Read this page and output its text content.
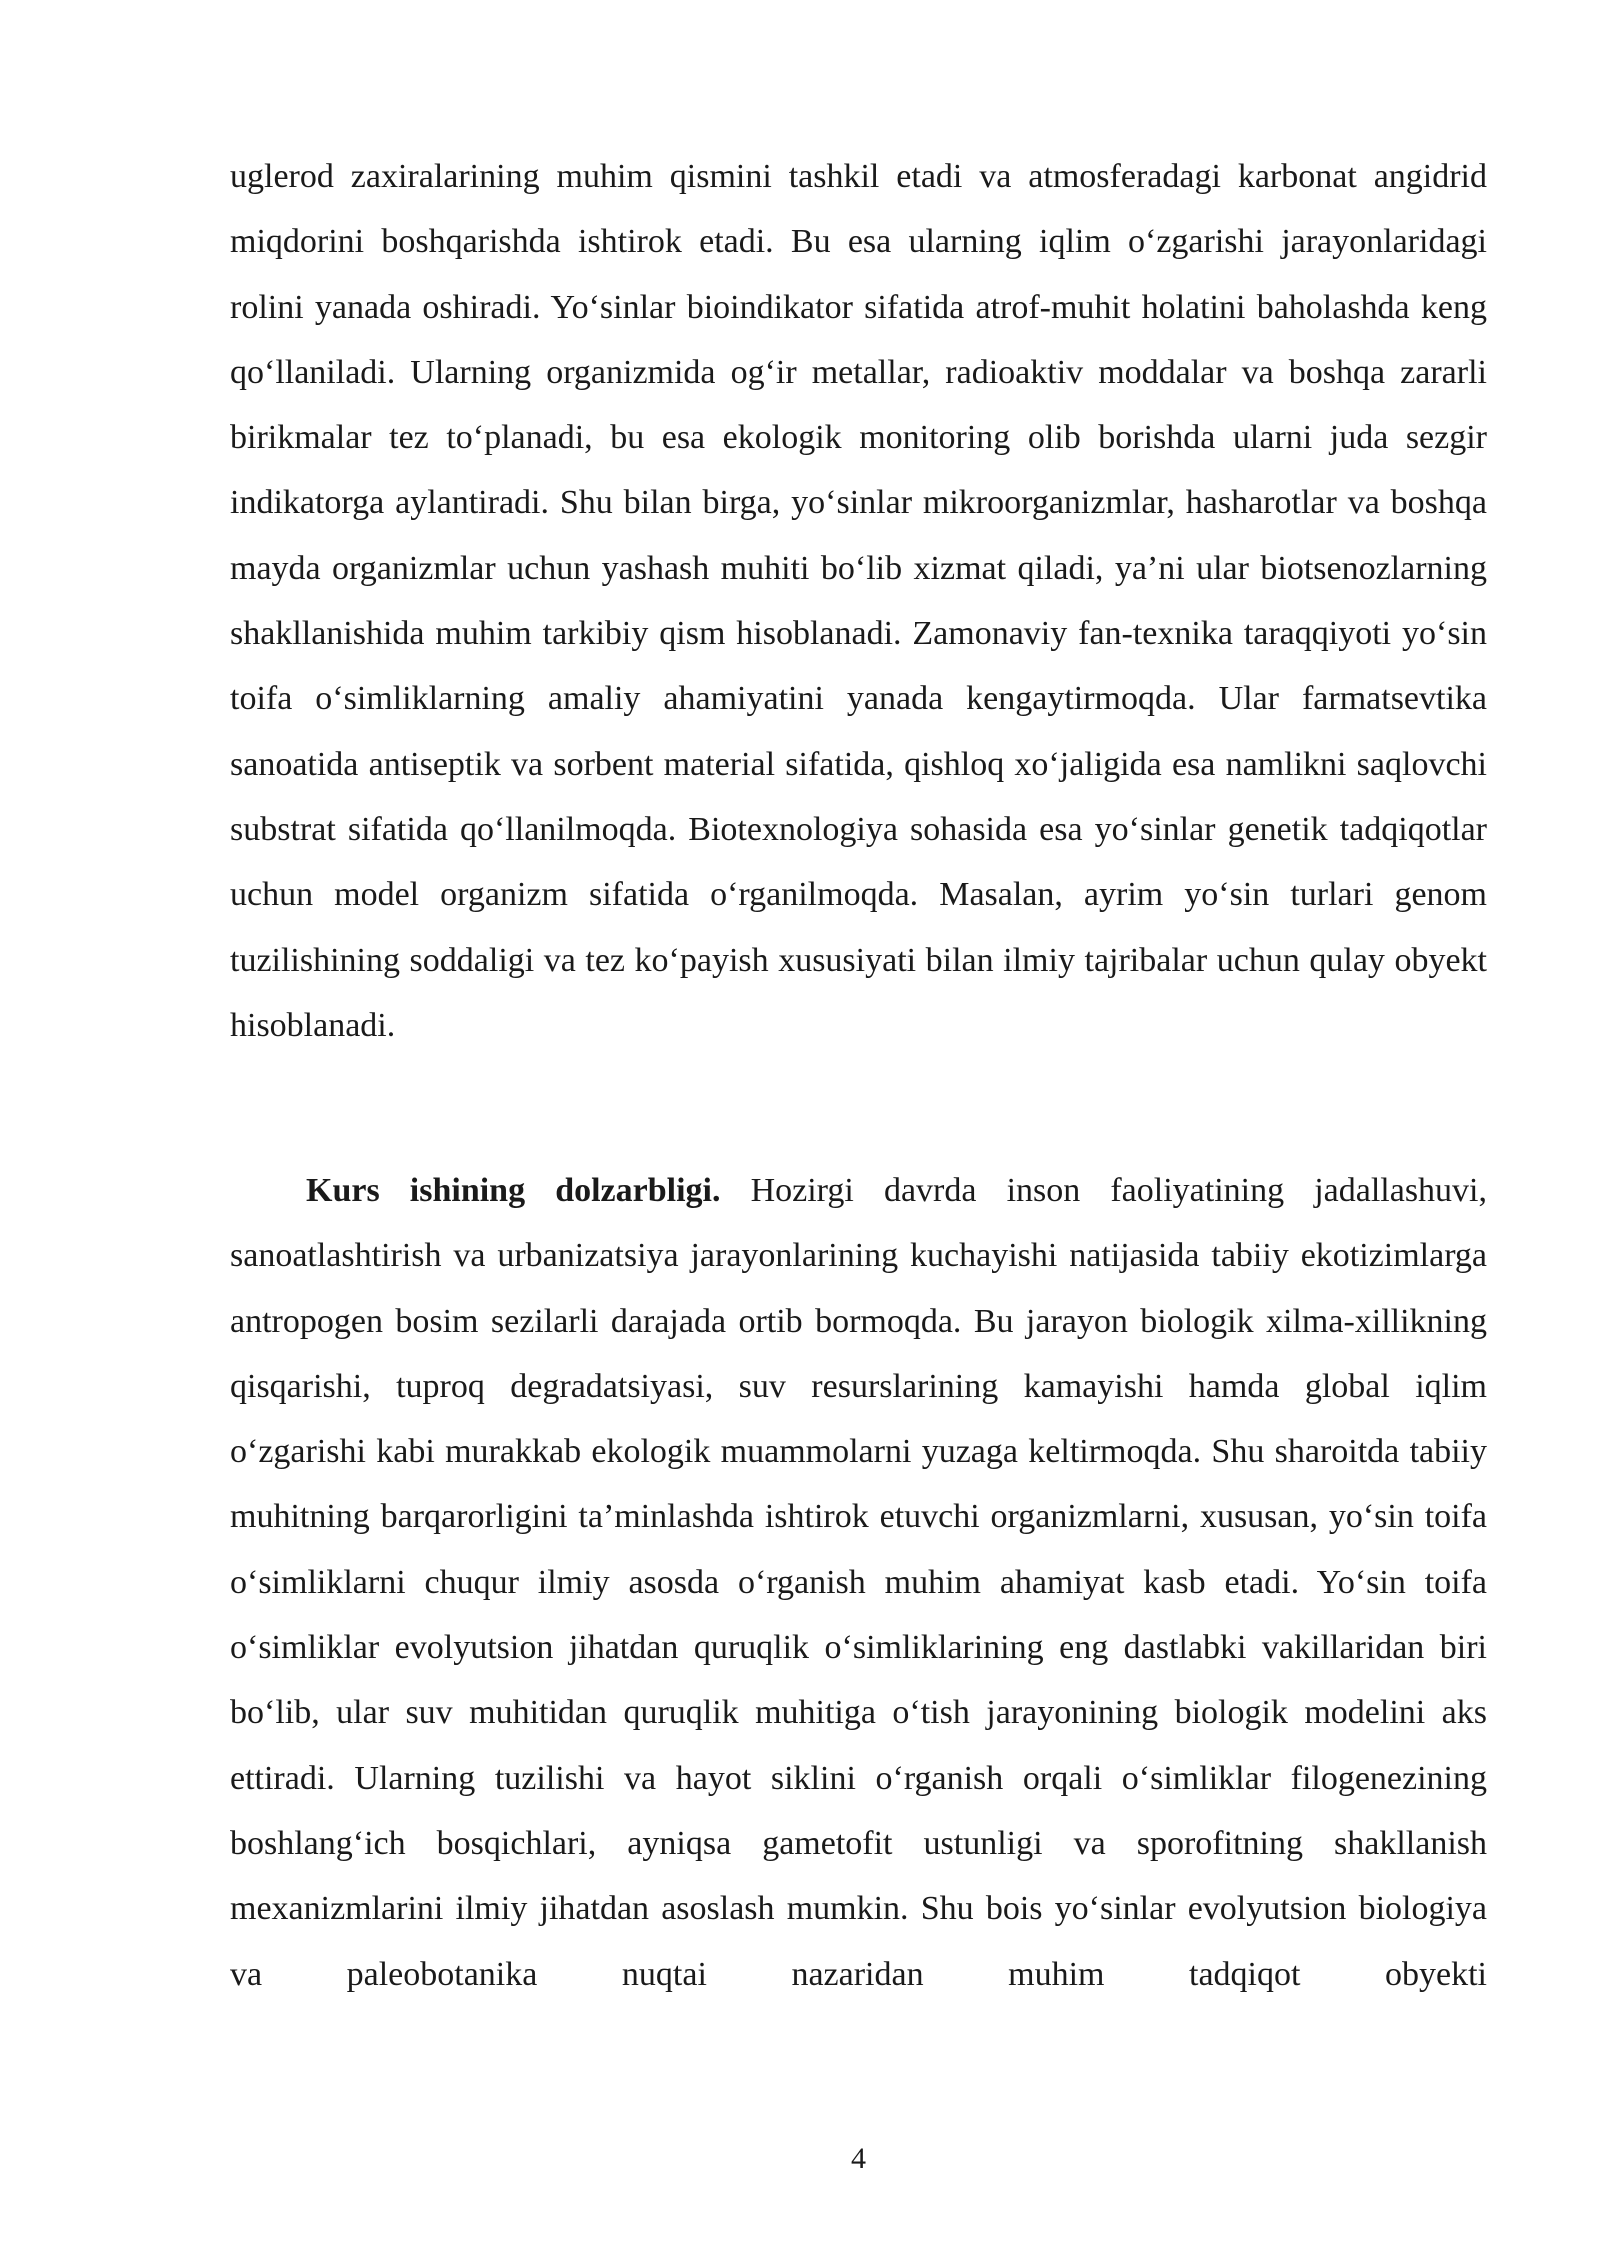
uglerod zaxiralarining muhim qismini tashkil etadi va atmosferadagi karbonat angidrid miqdorini boshqarishda ishtirok etadi. Bu esa ularning iqlim o‘zgarishi jarayonlaridagi rolini yanada oshiradi. Yo‘sinlar bioindikator sifatida atrof-muhit holatini baholashda keng qo‘llaniladi. Ularning organizmida og‘ir metallar, radioaktiv moddalar va boshqa zararli birikmalar tez to‘planadi, bu esa ekologik monitoring olib borishda ularni juda sezgir indikatorga aylantiradi. Shu bilan birga, yo‘sinlar mikroorganizmlar, hasharotlar va boshqa mayda organizmlar uchun yashash muhiti bo‘lib xizmat qiladi, ya’ni ular biotsenozlarning shakllanishida muhim tarkibiy qism hisoblanadi. Zamonaviy fan-texnika taraqqiyoti yo‘sin toifa o‘simliklarning amaliy ahamiyatini yanada kengaytirmoqda. Ular farmatsevtika sanoatida antiseptik va sorbent material sifatida, qishloq xo‘jaligida esa namlikni saqlovchi substrat sifatida qo‘llanilmoqda. Biotexnologiya sohasida esa yo‘sinlar genetik tadqiqotlar uchun model organizm sifatida o‘rganilmoqda. Masalan, ayrim yo‘sin turlari genom tuzilishining soddaligi va tez ko‘payish xususiyati bilan ilmiy tajribalar uchun qulay obyekt hisoblanadi.

Kurs ishining dolzarbligi. Hozirgi davrda inson faoliyatining jadallashuvi, sanoatlashtirish va urbanizatsiya jarayonlarining kuchayishi natijasida tabiiy ekotizimlarga antropogen bosim sezilarli darajada ortib bormoqda. Bu jarayon biologik xilma-xillikning qisqarishi, tuproq degradatsiyasi, suv resurslarining kamayishi hamda global iqlim o‘zgarishi kabi murakkab ekologik muammolarni yuzaga keltirmoqda. Shu sharoitda tabiiy muhitning barqarorligini ta’minlashda ishtirok etuvchi organizmlarni, xususan, yo‘sin toifa o‘simliklarni chuqur ilmiy asosda o‘rganish muhim ahamiyat kasb etadi. Yo‘sin toifa o‘simliklar evolyutsion jihatdan quruqlik o‘simliklarining eng dastlabki vakillaridan biri bo‘lib, ular suv muhitidan quruqlik muhitiga o‘tish jarayonining biologik modelini aks ettiradi. Ularning tuzilishi va hayot siklini o‘rganish orqali o‘simliklar filogenezining boshlang‘ich bosqichlari, ayniqsa gametofit ustunligi va sporofitning shakllanish mexanizmlarini ilmiy jihatdan asoslash mumkin. Shu bois yo‘sinlar evolyutsion biologiya va paleobotanika nuqtai nazaridan muhim tadqiqot obyekti

4
